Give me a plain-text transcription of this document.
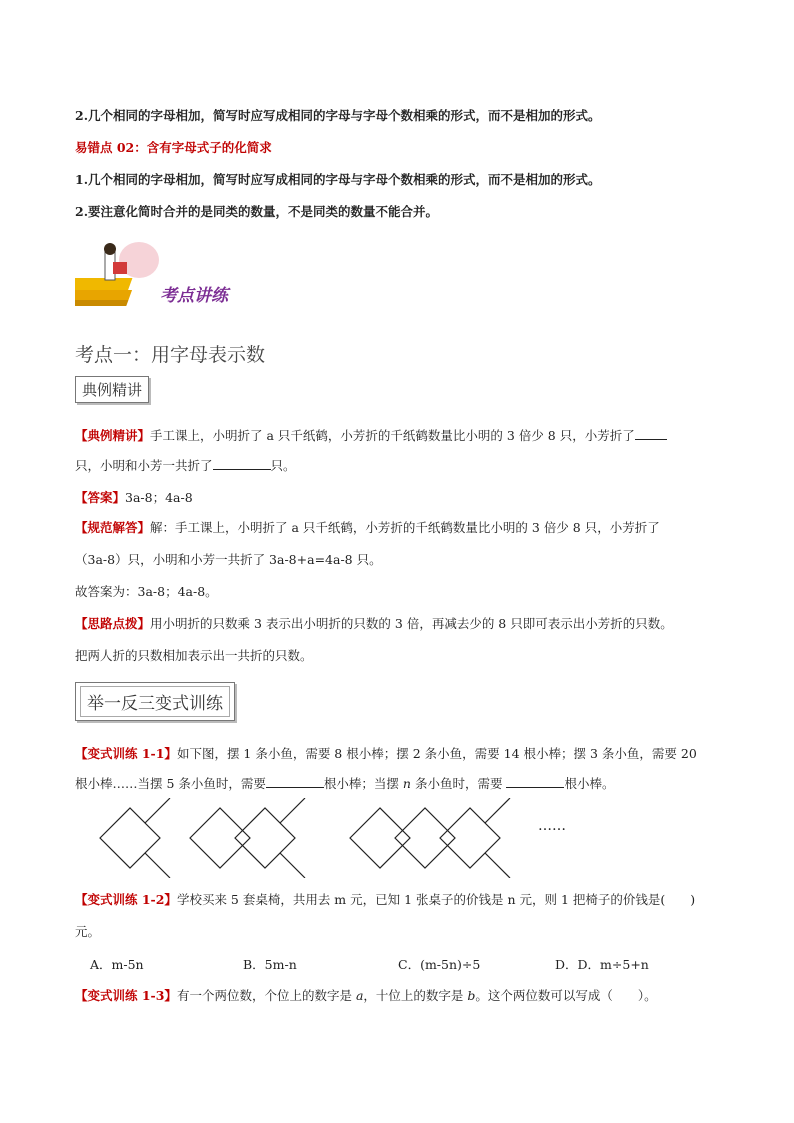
2.几个相同的字母相加，简写时应写成相同的字母与字母个数相乘的形式，而不是相加的形式。
易错点 02：含有字母式子的化简求
1.几个相同的字母相加，简写时应写成相同的字母与字母个数相乘的形式，而不是相加的形式。
2.要注意化简时合并的是同类的数量，不是同类的数量不能合并。
考点讲练
考点一：用字母表示数
典例精讲
【典例精讲】手工课上，小明折了 a 只千纸鹤，小芳折的千纸鹤数量比小明的 3 倍少 8 只，小芳折了
只，小明和小芳一共折了	只。
【答案】3a-8；4a-8
【规范解答】解：手工课上，小明折了 a 只千纸鹤，小芳折的千纸鹤数量比小明的 3 倍少 8 只，小芳折了
（3a-8）只，小明和小芳一共折了 3a-8+a=4a-8 只。
故答案为：3a-8；4a-8。
【思路点拨】用小明折的只数乘 3 表示出小明折的只数的 3 倍，再减去少的 8 只即可表示出小芳折的只数。
把两人折的只数相加表示出一共折的只数。
举一反三变式训练
【变式训练 1-1】如下图，摆 1 条小鱼，需要 8 根小棒；摆 2 条小鱼，需要 14 根小棒；摆 3 条小鱼，需要 20
根小棒……当摆 5 条小鱼时，需要	根小棒；当摆 n 条小鱼时，需要	根小棒。
……
【变式训练 1-2】学校买来 5 套桌椅，共用去 m 元，已知 1 张桌子的价钱是 n 元，则 1 把椅子的价钱是(　　)
元。
A．m-5n	B．5m-n	C．(m-5n)÷5	D．D．m÷5+n
【变式训练 1-3】有一个两位数，个位上的数字是 a，十位上的数字是 b。这个两位数可以写成（　　）。
